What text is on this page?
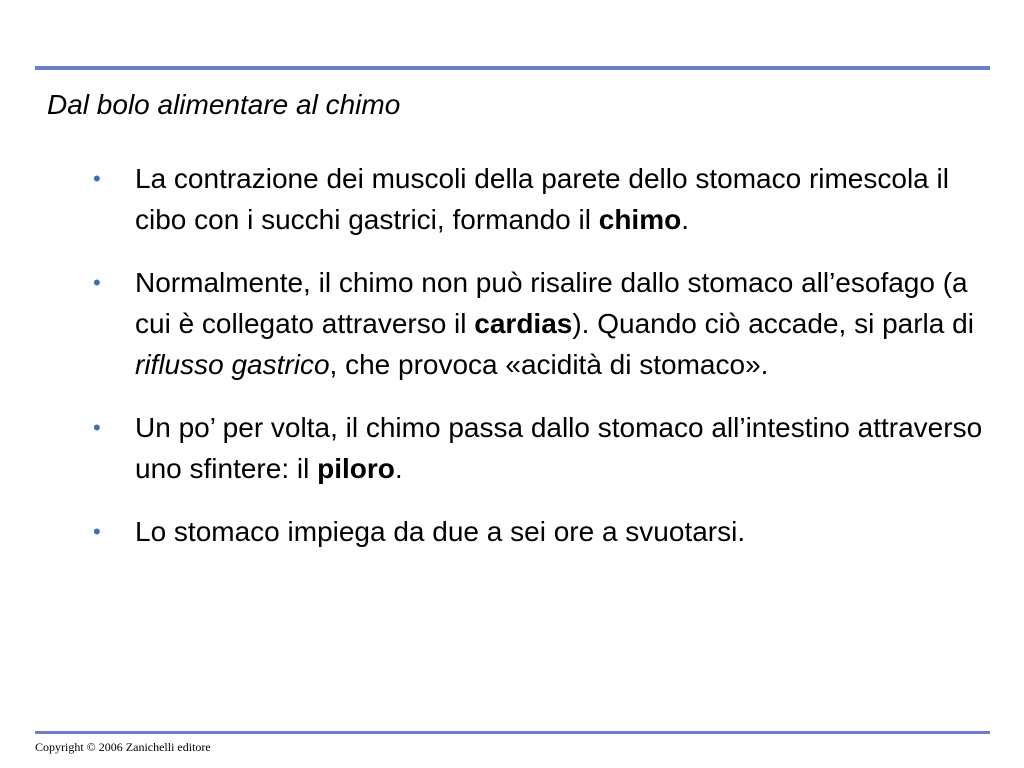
Dal bolo alimentare al chimo
• La contrazione dei muscoli della parete dello stomaco rimescola il cibo con i succhi gastrici, formando il chimo.
• Normalmente, il chimo non può risalire dallo stomaco all’esofago (a cui è collegato attraverso il cardias). Quando ciò accade, si parla di riflusso gastrico, che provoca «acidità di stomaco».
• Un po’ per volta, il chimo passa dallo stomaco all’intestino attraverso uno sfintere: il piloro.
• Lo stomaco impiega da due a sei ore a svuotarsi.

Copyright © 2006 Zanichelli editore
